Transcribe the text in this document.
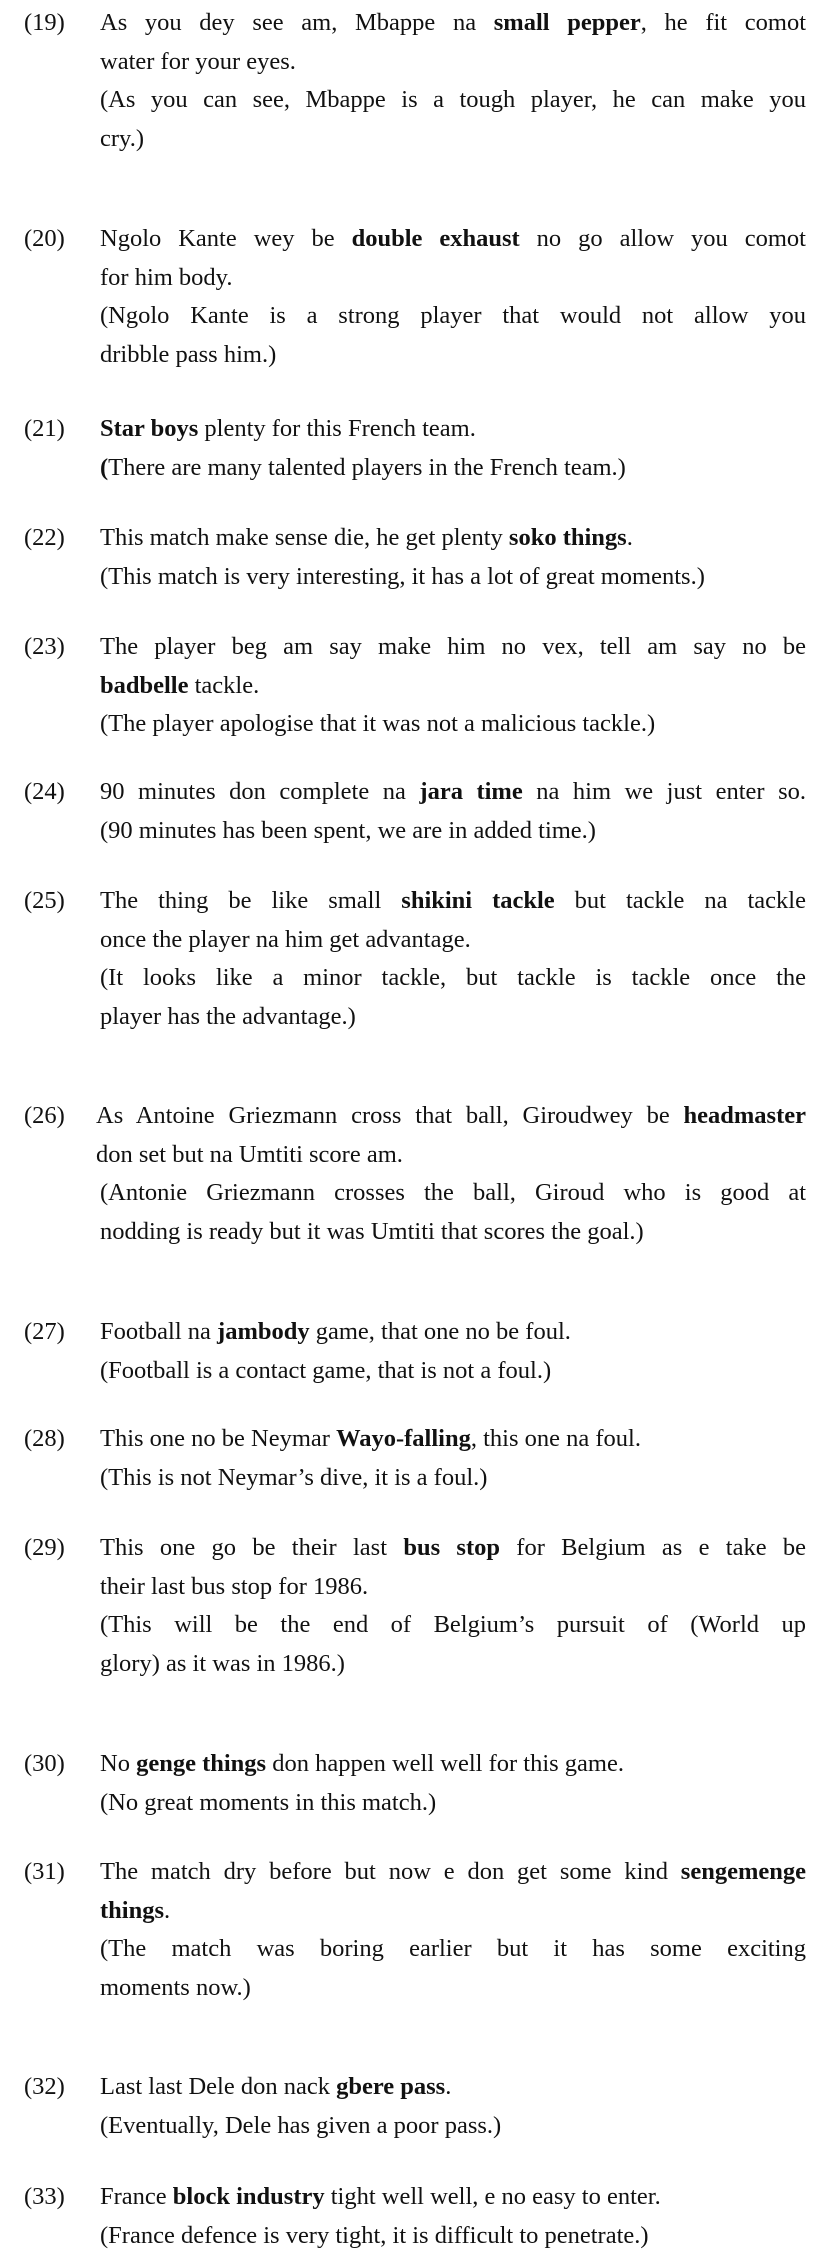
(19)	As you dey see am, Mbappe na small pepper, he fit comot
water for your eyes.
(As you can see, Mbappe is a tough player, he can make you
cry.)
(20)	Ngolo Kante wey be double exhaust no go allow you comot
for him body.
(Ngolo Kante is a strong player that would not allow you
dribble pass him.)
(21)	Star boys plenty for this French team.
(There are many talented players in the French team.)
(22)	This match make sense die, he get plenty soko things.
(This match is very interesting, it has a lot of great moments.)
(23)	The player beg am say make him no vex, tell am say no be
badbelle tackle.
(The player apologise that it was not a malicious tackle.)
(24)	90 minutes don complete na jara time na him we just enter so.
(90 minutes has been spent, we are in added time.)
(25)	The thing be like small shikini tackle but tackle na tackle
once the player na him get advantage.
(It looks like a minor tackle, but tackle is tackle once the
player has the advantage.)
(26)	As Antoine Griezmann cross that ball, Giroudwey be headmaster
don set but na Umtiti score am.
(Antonie Griezmann crosses the ball, Giroud who is good at
nodding is ready but it was Umtiti that scores the goal.)
(27)	Football na jambody game, that one no be foul.
(Football is a contact game, that is not a foul.)
(28)	This one no be Neymar Wayo-falling, this one na foul.
(This is not Neymar’s dive, it is a foul.)
(29)	This one go be their last bus stop for Belgium as e take be
their last bus stop for 1986.
(This will be the end of Belgium’s pursuit of (World up
glory) as it was in 1986.)
(30)	No genge things don happen well well for this game.
(No great moments in this match.)
(31)	The match dry before but now e don get some kind sengemenge
things.
(The match was boring earlier but it has some exciting
moments now.)
(32)	Last last Dele don nack gbere pass.
(Eventually, Dele has given a poor pass.)
(33)	France block industry tight well well, e no easy to enter.
(France defence is very tight, it is difficult to penetrate.)
